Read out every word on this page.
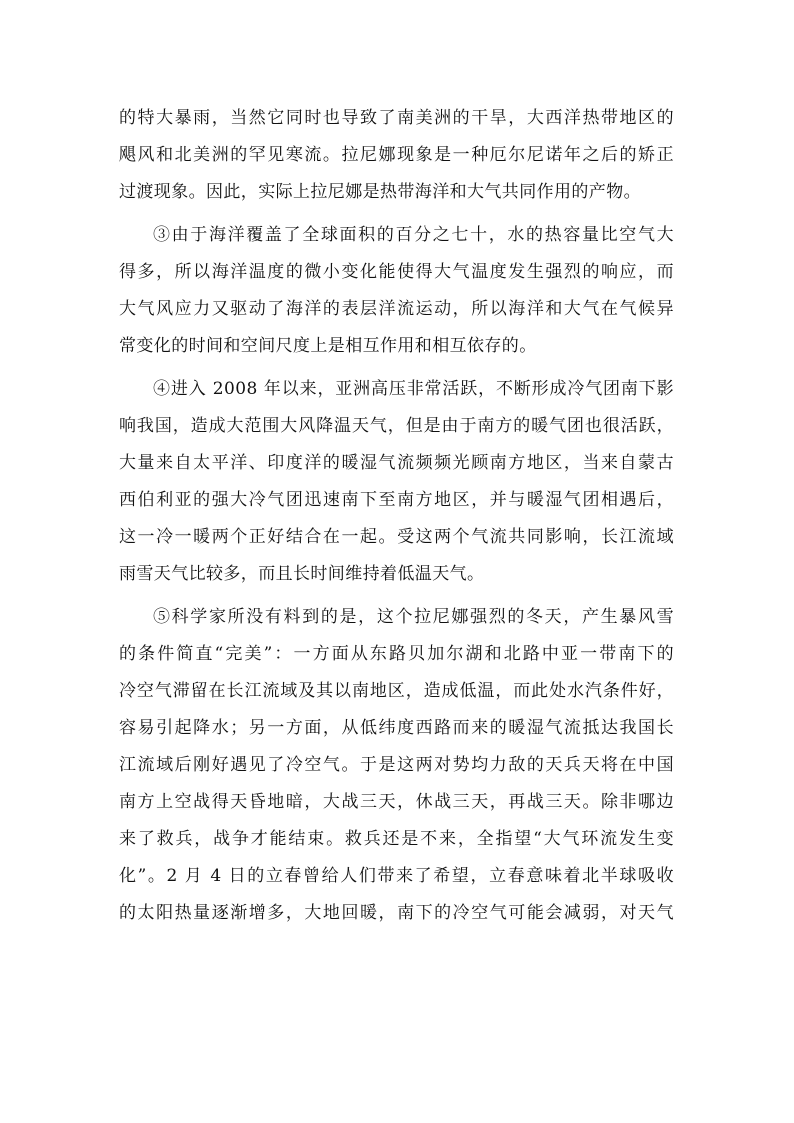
的特大暴雨，当然它同时也导致了南美洲的干旱，大西洋热带地区的
飓风和北美洲的罕见寒流。拉尼娜现象是一种厄尔尼诺年之后的矫正
过渡现象。因此，实际上拉尼娜是热带海洋和大气共同作用的产物。
③由于海洋覆盖了全球面积的百分之七十，水的热容量比空气大
得多，所以海洋温度的微小变化能使得大气温度发生强烈的响应，而
大气风应力又驱动了海洋的表层洋流运动，所以海洋和大气在气候异
常变化的时间和空间尺度上是相互作用和相互依存的。
④进入 2008 年以来，亚洲高压非常活跃，不断形成冷气团南下影
响我国，造成大范围大风降温天气，但是由于南方的暖气团也很活跃，
大量来自太平洋、印度洋的暖湿气流频频光顾南方地区，当来自蒙古
西伯利亚的强大冷气团迅速南下至南方地区，并与暖湿气团相遇后，
这一冷一暖两个正好结合在一起。受这两个气流共同影响，长江流域
雨雪天气比较多，而且长时间维持着低温天气。
⑤科学家所没有料到的是，这个拉尼娜强烈的冬天，产生暴风雪
的条件简直“完美”：一方面从东路贝加尔湖和北路中亚一带南下的
冷空气滞留在长江流域及其以南地区，造成低温，而此处水汽条件好，
容易引起降水；另一方面，从低纬度西路而来的暖湿气流抵达我国长
江流域后刚好遇见了冷空气。于是这两对势均力敌的天兵天将在中国
南方上空战得天昏地暗，大战三天，休战三天，再战三天。除非哪边
来了救兵，战争才能结束。救兵还是不来，全指望“大气环流发生变
化”。2 月 4 日的立春曾给人们带来了希望，立春意味着北半球吸收
的太阳热量逐渐增多，大地回暖，南下的冷空气可能会减弱，对天气
